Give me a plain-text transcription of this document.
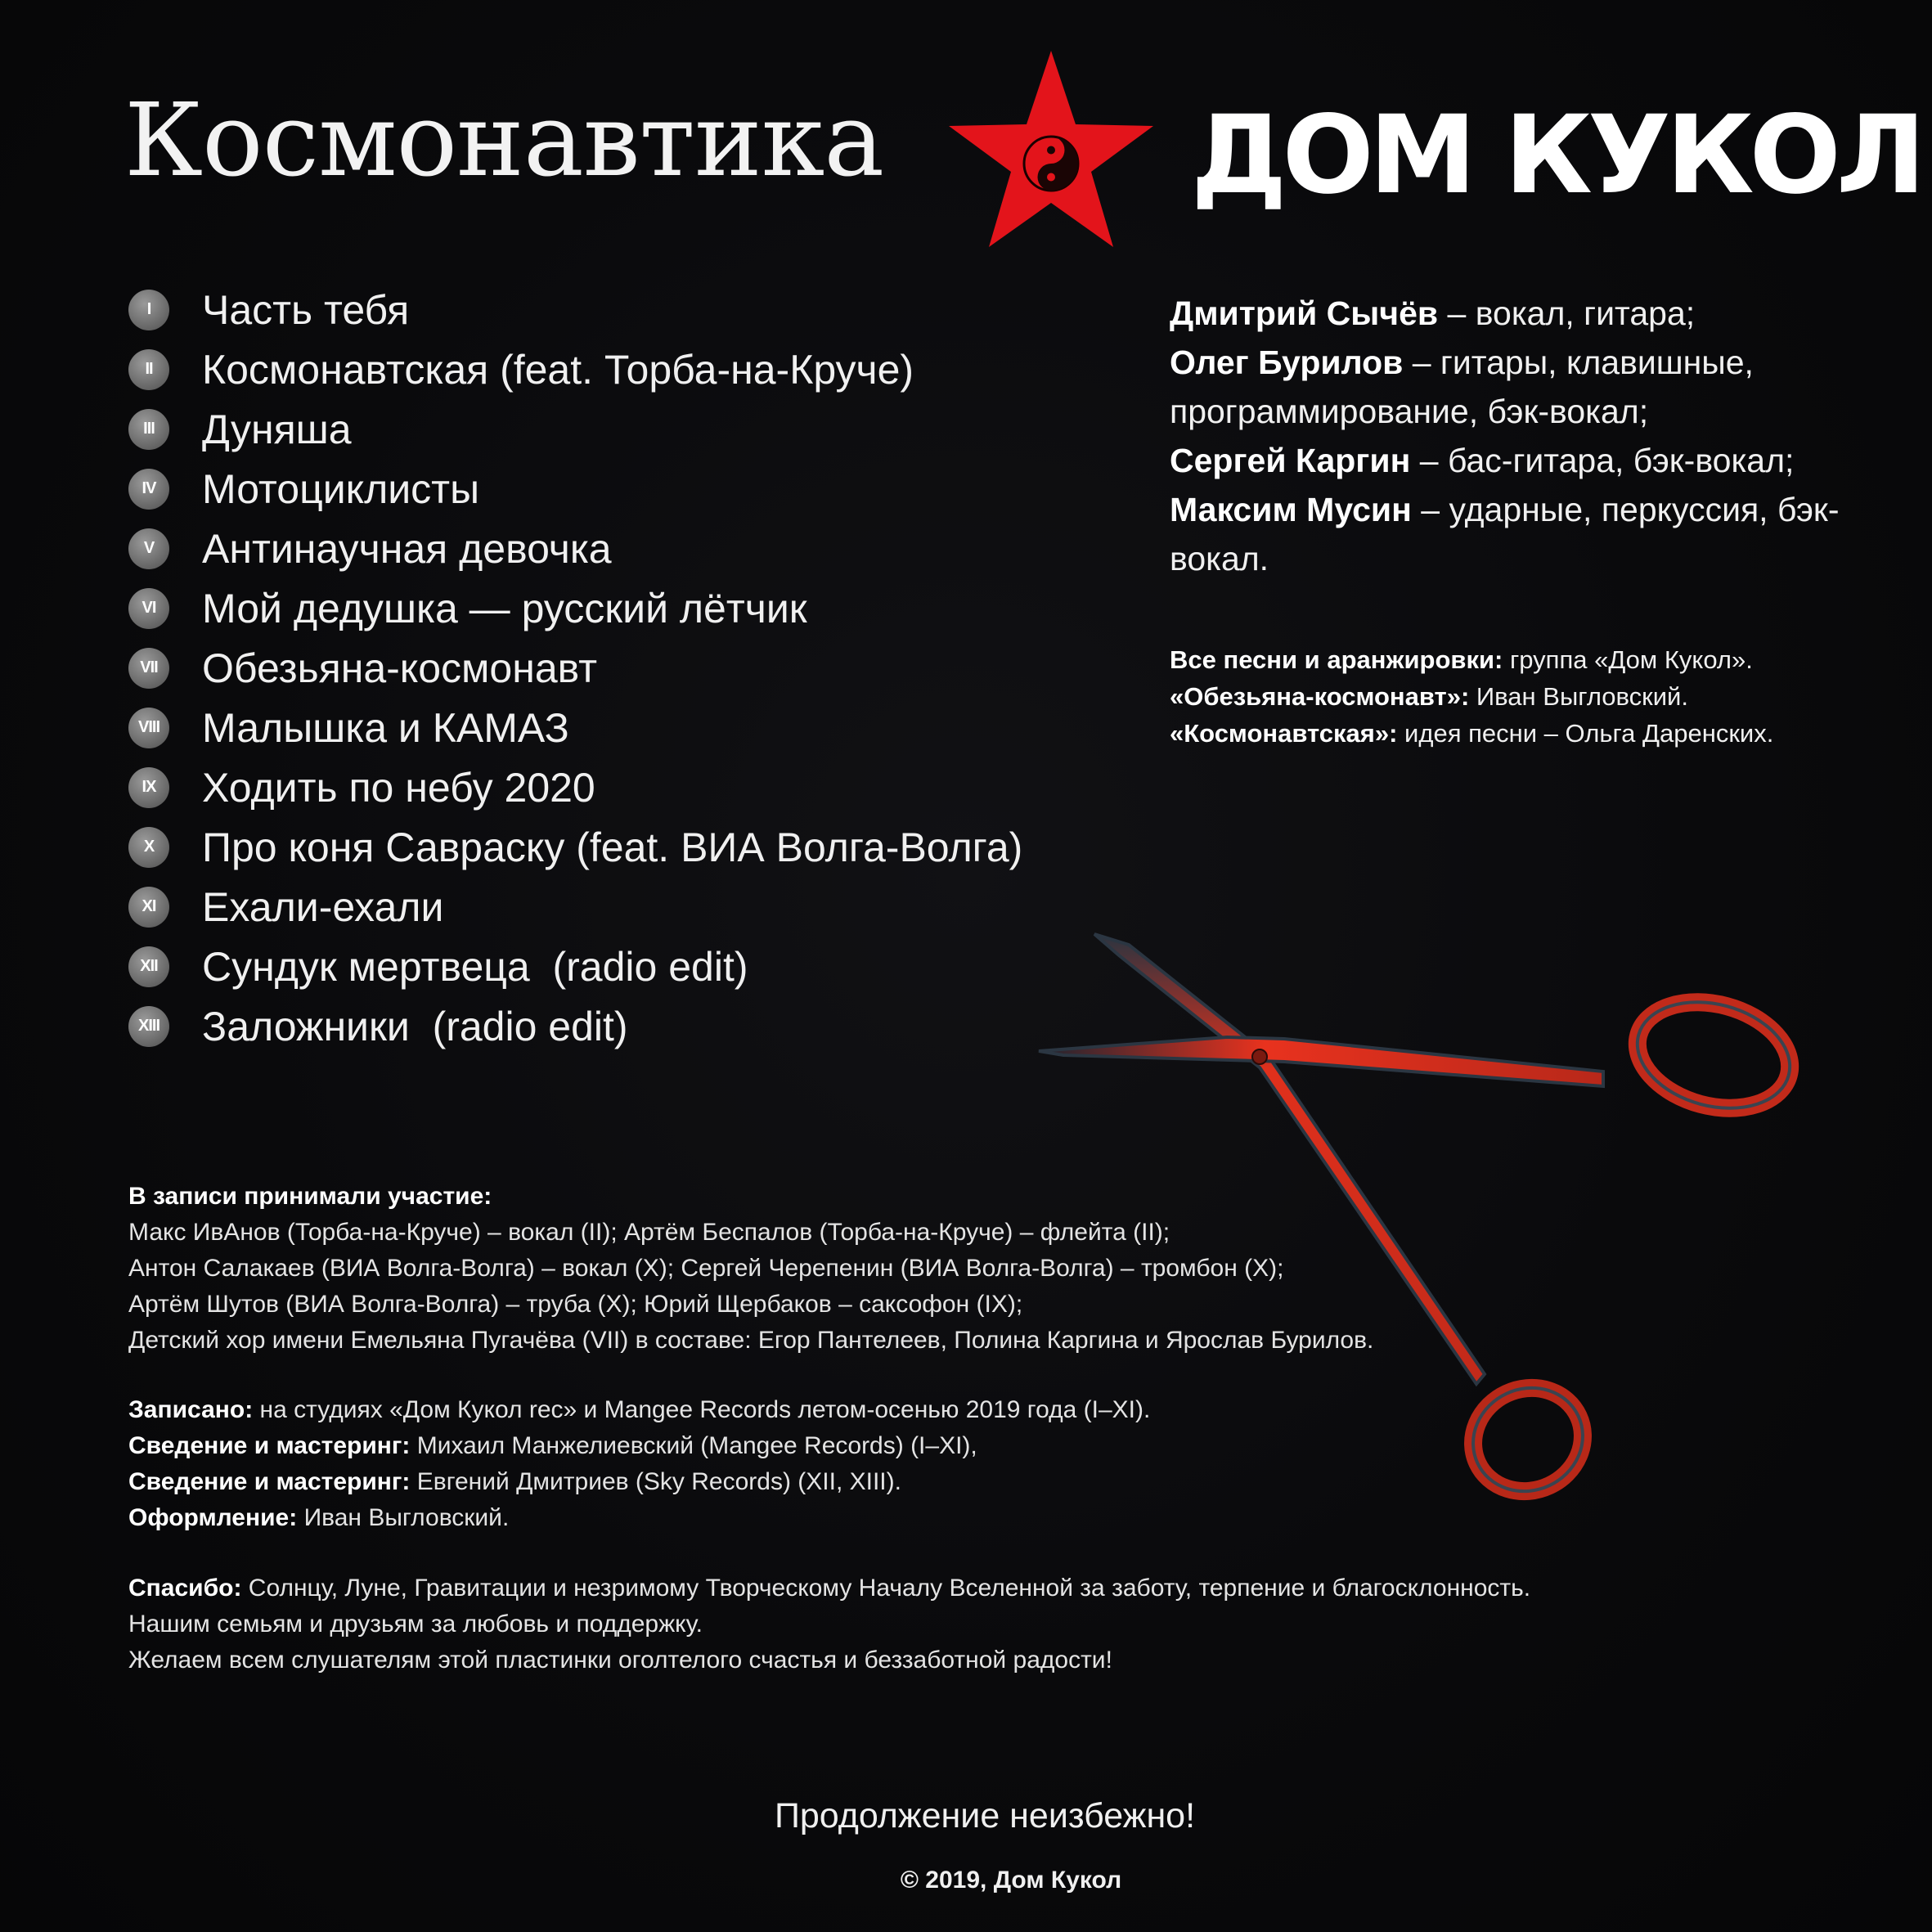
Космонавтика	ДОМ КУКОЛ
I	Часть тебя
II	Космонавтская (feat. Торба-на-Круче)
III	Дуняша
IV	Мотоциклисты
V	Антинаучная девочка
VI	Мой дедушка — русский лётчик
VII Обезьяна-космонавт
VIII Малышка и КАМАЗ
IX	Ходить по небу 2020
X	Про коня Савраску (feat. ВИА Волга-Волга)
XI	Ехали-ехали
XII Сундук мертвеца  (radio edit)
XIII Заложники  (radio edit)
Дмитрий Сычёв – вокал, гитара;
Олег Бурилов – гитары, клавишные, программирование, бэк-вокал;
Сергей Каргин – бас-гитара, бэк-вокал;
Максим Мусин – ударные, перкуссия, бэк-вокал.
Все песни и аранжировки: группа «Дом Кукол».
«Обезьяна-космонавт»: Иван Выгловский.
«Космонавтская»: идея песни – Ольга Даренских.
В записи принимали участие:
Макс ИвАнов (Торба-на-Круче) – вокал (II); Артём Беспалов (Торба-на-Круче) – флейта (II);
Антон Салакаев (ВИА Волга-Волга) – вокал (X); Сергей Черепенин (ВИА Волга-Волга) – тромбон (X);
Артём Шутов (ВИА Волга-Волга) – труба (X); Юрий Щербаков – саксофон (IX);
Детский хор имени Емельяна Пугачёва (VII) в составе: Егор Пантелеев, Полина Каргина и Ярослав Бурилов.
Записано: на студиях «Дом Кукол rec» и Mangee Records летом-осенью 2019 года (I–XI).
Сведение и мастеринг: Михаил Манжелиевский (Mangee Records) (I–XI),
Сведение и мастеринг: Евгений Дмитриев (Sky Records) (XII, XIII).
Оформление: Иван Выгловский.
Спасибо: Солнцу, Луне, Гравитации и незримому Творческому Началу Вселенной за заботу, терпение и благосклонность.
Нашим семьям и друзьям за любовь и поддержку.
Желаем всем слушателям этой пластинки оголтелого счастья и беззаботной радости!
Продолжение неизбежно!
© 2019, Дом Кукол
